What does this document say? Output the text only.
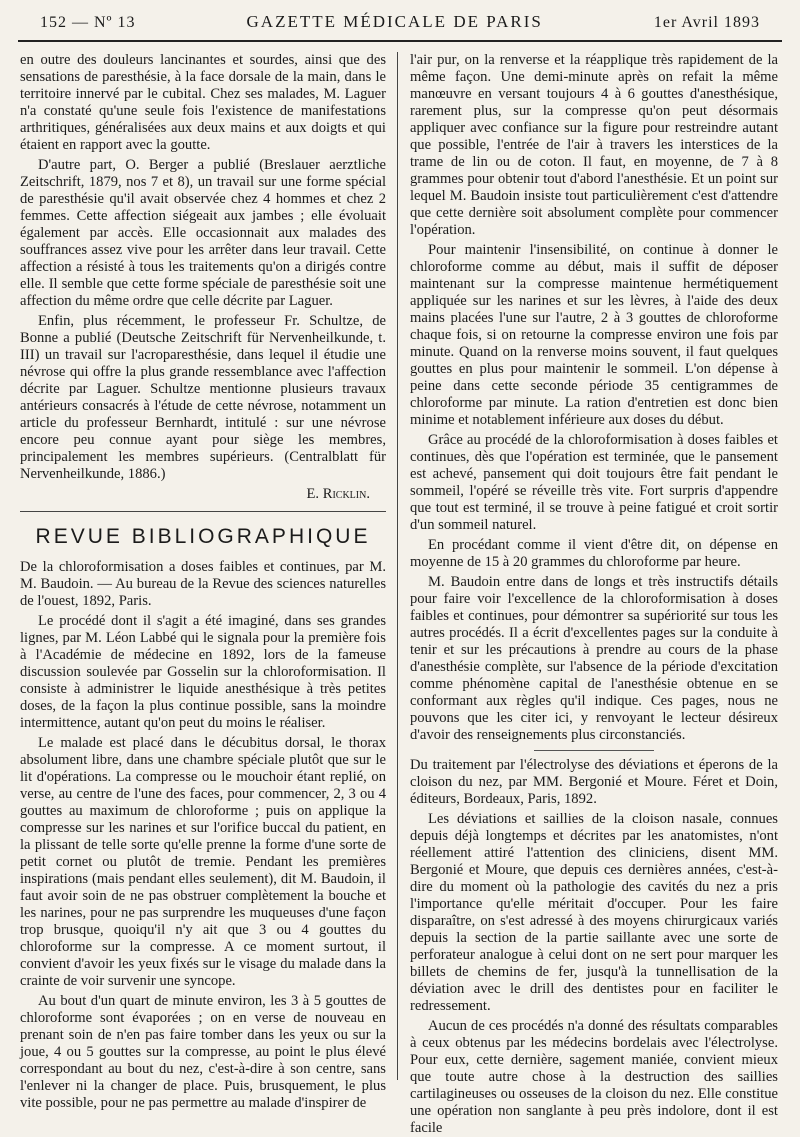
152 — Nº 13	GAZETTE MÉDICALE DE PARIS	1er Avril 1893

en outre des douleurs lancinantes et sourdes, ainsi que des sensations de paresthésie, à la face dorsale de la main, dans le territoire innervé par le cubital. Chez ses malades, M. Laguer n'a constaté qu'une seule fois l'existence de manifestations arthritiques, généralisées aux deux mains et aux doigts et qui étaient en rapport avec la goutte.

D'autre part, O. Berger a publié (Breslauer aerztliche Zeitschrift, 1879, nos 7 et 8), un travail sur une forme spécial de paresthésie qu'il avait observée chez 4 hommes et chez 2 femmes. Cette affection siégeait aux jambes ; elle évoluait également par accès. Elle occasionnait aux malades des souffrances assez vive pour les arrêter dans leur travail. Cette affection a résisté à tous les traitements qu'on a dirigés contre elle. Il semble que cette forme spéciale de paresthésie soit une affection du même ordre que celle décrite par Laguer.

Enfin, plus récemment, le professeur Fr. Schultze, de Bonne a publié (Deutsche Zeitschrift für Nervenheilkunde, t. III) un travail sur l'acroparesthésie, dans lequel il étudie une névrose qui offre la plus grande ressemblance avec l'affection décrite par Laguer. Schultze mentionne plusieurs travaux antérieurs consacrés à l'étude de cette névrose, notamment un article du professeur Bernhardt, intitulé : sur une névrose encore peu connue ayant pour siège les membres, principalement les membres supérieurs. (Centralblatt für Nervenheilkunde, 1886.)

E. Ricklin.
REVUE BIBLIOGRAPHIQUE

De la chloroformisation a doses faibles et continues, par M. M. Baudoin. — Au bureau de la Revue des sciences naturelles de l'ouest, 1892, Paris.

Le procédé dont il s'agit a été imaginé, dans ses grandes lignes, par M. Léon Labbé qui le signala pour la première fois à l'Académie de médecine en 1892, lors de la fameuse discussion soulevée par Gosselin sur la chloroformisation. Il consiste à administrer le liquide anesthésique à très petites doses, de la façon la plus continue possible, sans la moindre intermittence, autant qu'on peut du moins le réaliser.

Le malade est placé dans le décubitus dorsal, le thorax absolument libre, dans une chambre spéciale plutôt que sur le lit d'opérations. La compresse ou le mouchoir étant replié, on verse, au centre de l'une des faces, pour commencer, 2, 3 ou 4 gouttes au maximum de chloroforme ; puis on applique la compresse sur les narines et sur l'orifice buccal du patient, en la plissant de telle sorte qu'elle prenne la forme d'une sorte de petit cornet ou plutôt de tremie. Pendant les premières inspirations (mais pendant elles seulement), dit M. Baudoin, il faut avoir soin de ne pas obstruer complètement la bouche et les narines, pour ne pas surprendre les muqueuses d'une façon trop brusque, quoiqu'il n'y ait que 3 ou 4 gouttes du chloroforme sur la compresse. A ce moment surtout, il convient d'avoir les yeux fixés sur le visage du malade dans la crainte de voir survenir une syncope.

Au bout d'un quart de minute environ, les 3 à 5 gouttes de chloroforme sont évaporées ; on en verse de nouveau en prenant soin de n'en pas faire tomber dans les yeux ou sur la joue, 4 ou 5 gouttes sur la compresse, au point le plus élevé correspondant au bout du nez, c'est-à-dire à son centre, sans l'enlever ni la changer de place. Puis, brusquement, le plus vite possible, pour ne pas permettre au malade d'inspirer de

l'air pur, on la renverse et la réapplique très rapidement de la même façon. Une demi-minute après on refait la même manœuvre en versant toujours 4 à 6 gouttes d'anesthésique, rarement plus, sur la compresse qu'on peut désormais appliquer avec confiance sur la figure pour restreindre autant que possible, l'entrée de l'air à travers les interstices de la trame de lin ou de coton. Il faut, en moyenne, de 7 à 8 grammes pour obtenir tout d'abord l'anesthésie. Et un point sur lequel M. Baudoin insiste tout particulièrement c'est d'attendre que cette dernière soit absolument complète pour commencer l'opération.

Pour maintenir l'insensibilité, on continue à donner le chloroforme comme au début, mais il suffit de déposer maintenant sur la compresse maintenue hermétiquement appliquée sur les narines et sur les lèvres, à l'aide des deux mains placées l'une sur l'autre, 2 à 3 gouttes de chloroforme chaque fois, si on retourne la compresse environ une fois par minute. Quand on la renverse moins souvent, il faut quelques gouttes en plus pour maintenir le sommeil. L'on dépense à peine dans cette seconde période 35 centigrammes de chloroforme par minute. La ration d'entretien est donc bien minime et notablement inférieure aux doses du début.

Grâce au procédé de la chloroformisation à doses faibles et continues, dès que l'opération est terminée, que le pansement est achevé, pansement qui doit toujours être fait pendant le sommeil, l'opéré se réveille très vite. Fort surpris d'appendre que tout est terminé, il se trouve à peine fatigué et croit sortir d'un sommeil naturel.

En procédant comme il vient d'être dit, on dépense en moyenne de 15 à 20 grammes du chloroforme par heure.

M. Baudoin entre dans de longs et très instructifs détails pour faire voir l'excellence de la chloroformisation à doses faibles et continues, pour démontrer sa supériorité sur tous les autres procédés. Il a écrit d'excellentes pages sur la conduite à tenir et sur les précautions à prendre au cours de la phase d'anesthésie complète, sur l'absence de la période d'excitation comme phénomène capital de l'anesthésie obtenue en se conformant aux règles qu'il indique. Ces pages, nous ne pouvons que les citer ici, y renvoyant le lecteur désireux d'avoir des renseignements plus circonstanciés.

Du traitement par l'électrolyse des déviations et éperons de la cloison du nez, par MM. Bergonié et Moure. Féret et Doin, éditeurs, Bordeaux, Paris, 1892.

Les déviations et saillies de la cloison nasale, connues depuis déjà longtemps et décrites par les anatomistes, n'ont réellement attiré l'attention des cliniciens, disent MM. Bergonié et Moure, que depuis ces dernières années, c'est-à-dire du moment où la pathologie des cavités du nez a pris l'importance qu'elle méritait d'occuper. Pour les faire disparaître, on s'est adressé à des moyens chirurgicaux variés depuis la section de la partie saillante avec une sorte de perforateur analogue à celui dont on ne sert pour marquer les billets de chemins de fer, jusqu'à la tunnellisation de la déviation avec le drill des dentistes pour en faciliter le redressement.

Aucun de ces procédés n'a donné des résultats comparables à ceux obtenus par les médecins bordelais avec l'électrolyse. Pour eux, cette dernière, sagement maniée, convient mieux que toute autre chose à la destruction des saillies cartilagineuses ou osseuses de la cloison du nez. Elle constitue une opération non sanglante à peu près indolore, dont il est facile
